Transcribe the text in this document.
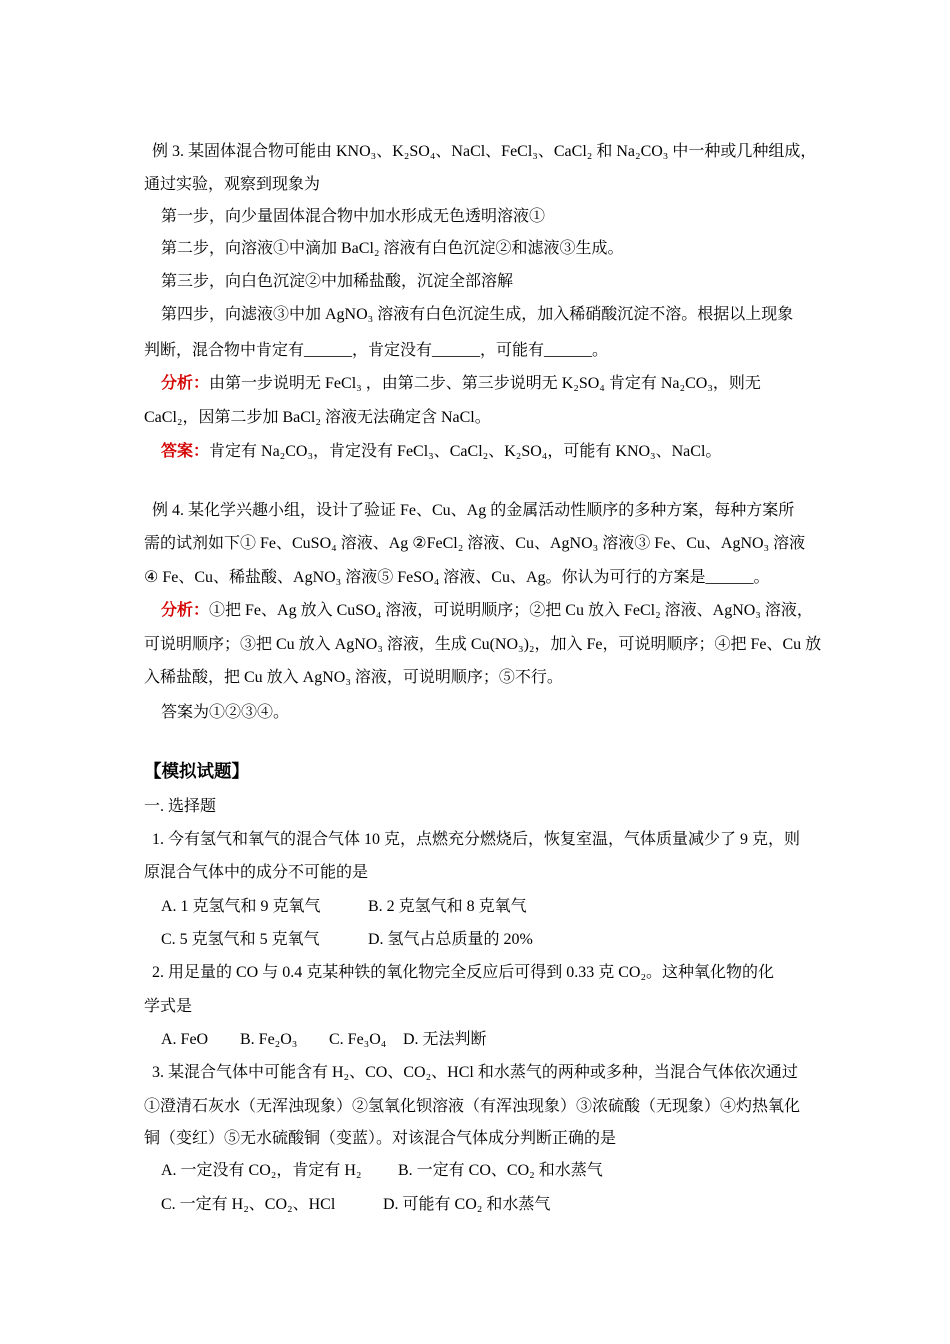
例 3. 某固体混合物可能由 KNO₃、K₂SO₄、NaCl、FeCl₃、CaCl₂ 和 Na₂CO₃ 中一种或几种组成，
通过实验，观察到现象为
第一步，向少量固体混合物中加水形成无色透明溶液①
第二步，向溶液①中滴加 BaCl₂ 溶液有白色沉淀②和滤液③生成。
第三步，向白色沉淀②中加稀盐酸，沉淀全部溶解
第四步，向滤液③中加 AgNO₃ 溶液有白色沉淀生成，加入稀硝酸沉淀不溶。根据以上现象
判断，混合物中肯定有______，肯定没有______，可能有______。
分析：由第一步说明无 FeCl₃ ，由第二步、第三步说明无 K₂SO₄ 肯定有 Na₂CO₃，则无
CaCl₂，因第二步加 BaCl₂ 溶液无法确定含 NaCl。
答案：肯定有 Na₂CO₃，肯定没有 FeCl₃、CaCl₂、K₂SO₄，可能有 KNO₃、NaCl。
例 4. 某化学兴趣小组，设计了验证 Fe、Cu、Ag 的金属活动性顺序的多种方案，每种方案所
需的试剂如下① Fe、CuSO₄ 溶液、Ag ②FeCl₂ 溶液、Cu、AgNO₃ 溶液③ Fe、Cu、AgNO₃ 溶液
④ Fe、Cu、稀盐酸、AgNO₃ 溶液⑤ FeSO₄ 溶液、Cu、Ag。你认为可行的方案是______。
分析：①把 Fe、Ag 放入 CuSO₄ 溶液，可说明顺序；②把 Cu 放入 FeCl₂ 溶液、AgNO₃ 溶液，
可说明顺序；③把 Cu 放入 AgNO₃ 溶液，生成 Cu(NO₃)₂，加入 Fe，可说明顺序；④把 Fe、Cu 放
入稀盐酸，把 Cu 放入 AgNO₃ 溶液，可说明顺序；⑤不行。
答案为①②③④。
【模拟试题】
一. 选择题
1. 今有氢气和氧气的混合气体 10 克，点燃充分燃烧后，恢复室温，气体质量减少了 9 克，则
原混合气体中的成分不可能的是
A. 1 克氢气和 9 克氧气	B. 2 克氢气和 8 克氧气
C. 5 克氢气和 5 克氧气	D. 氢气占总质量的 20%
2. 用足量的 CO 与 0.4 克某种铁的氧化物完全反应后可得到 0.33 克 CO₂。这种氧化物的化
学式是
A. FeO	B. Fe₂O₃	C. Fe₃O₄	D. 无法判断
3. 某混合气体中可能含有 H₂、CO、CO₂、HCl 和水蒸气的两种或多种，当混合气体依次通过
①澄清石灰水（无浑浊现象）②氢氧化钡溶液（有浑浊现象）③浓硫酸（无现象）④灼热氧化
铜（变红）⑤无水硫酸铜（变蓝）。对该混合气体成分判断正确的是
A. 一定没有 CO₂，肯定有 H₂	B. 一定有 CO、CO₂ 和水蒸气
C. 一定有 H₂、CO₂、HCl	D. 可能有 CO₂ 和水蒸气
